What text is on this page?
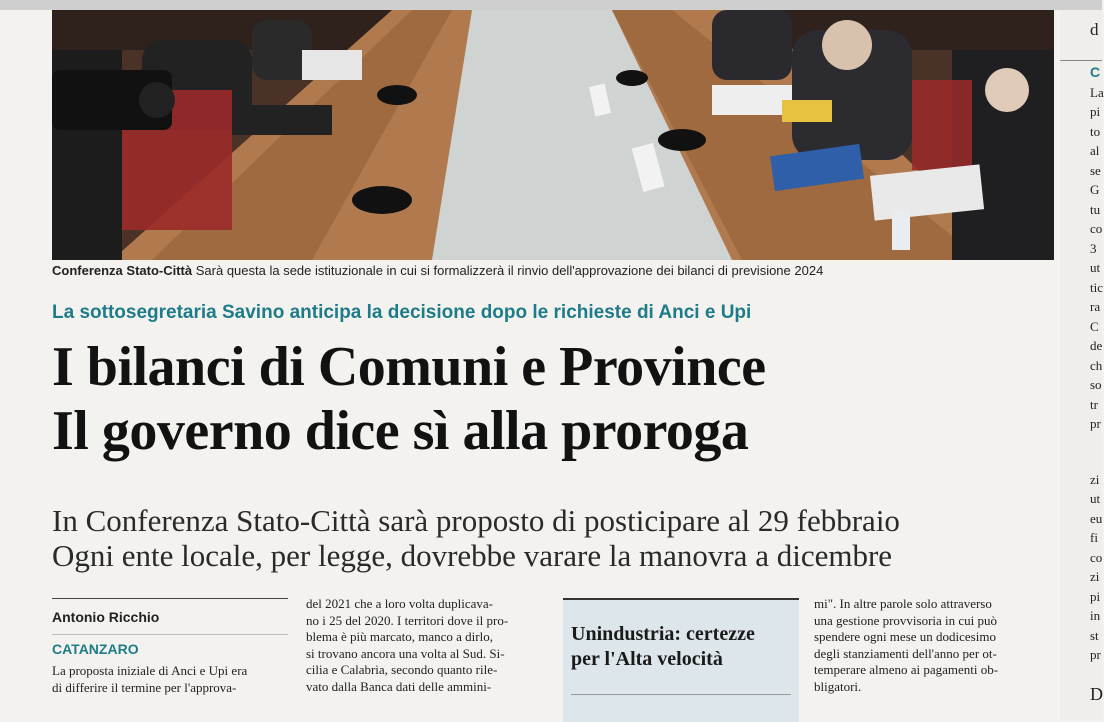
Conferenza Stato-Città Sarà questa la sede istituzionale in cui si formalizzerà il rinvio dell'approvazione dei bilanci di previsione 2024
La sottosegretaria Savino anticipa la decisione dopo le richieste di Anci e Upi
I bilanci di Comuni e Province
Il governo dice sì alla proroga
In Conferenza Stato-Città sarà proposto di posticipare al 29 febbraio
Ogni ente locale, per legge, dovrebbe varare la manovra a dicembre
Antonio Ricchio
CATANZARO
La proposta iniziale di Anci e Upi era
di differire il termine per l'approva-
del 2021 che a loro volta duplicava-
no i 25 del 2020. I territori dove il pro-
blema è più marcato, manco a dirlo,
si trovano ancora una volta al Sud. Si-
cilia e Calabria, secondo quanto rile-
vato dalla Banca dati delle ammini-
Unindustria: certezze
per l'Alta velocità
mi". In altre parole solo attraverso
una gestione provvisoria in cui può
spendere ogni mese un dodicesimo
degli stanziamenti dell'anno per ot-
temperare almeno ai pagamenti ob-
bligatori.
d
C
La
pi
to
al
se
G
tu
co
3
ut
tic
ra
C
de
ch
so
tr
pr
zi
ut
eu
fi
co
zi
pi
in
st
pr
D
